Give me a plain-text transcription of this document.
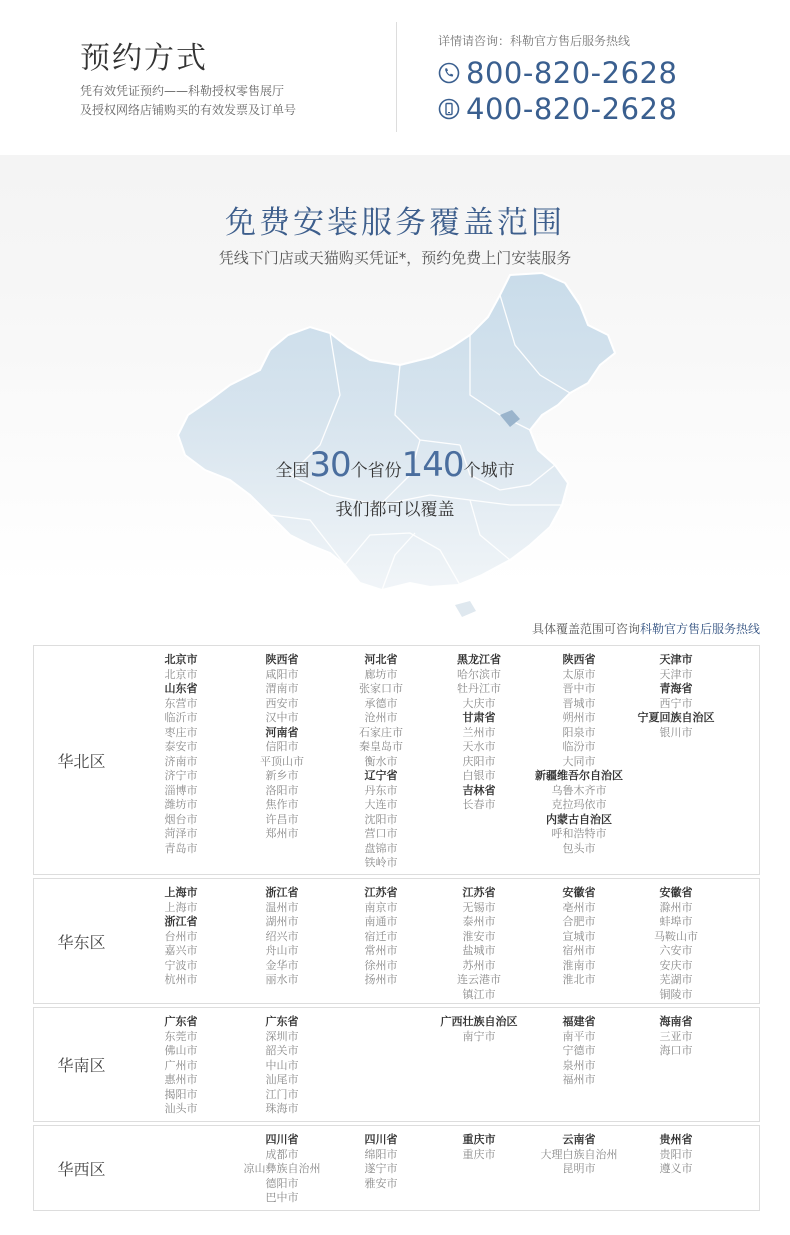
预约方式
凭有效凭证预约——科勒授权零售展厅
及授权网络店铺购买的有效发票及订单号
详情请咨询：科勒官方售后服务热线
800-820-2628
400-820-2628
免费安装服务覆盖范围
凭线下门店或天猫购买凭证*，预约免费上门安装服务
全国30个省份140个城市
我们都可以覆盖
具体覆盖范围可咨询科勒官方售后服务热线
华北区
北京市
北京市
山东省
东营市
临沂市
枣庄市
泰安市
济南市
济宁市
淄博市
潍坊市
烟台市
菏泽市
青岛市
陕西省
咸阳市
渭南市
西安市
汉中市
河南省
信阳市
平顶山市
新乡市
洛阳市
焦作市
许昌市
郑州市
河北省
廊坊市
张家口市
承德市
沧州市
石家庄市
秦皇岛市
衡水市
辽宁省
丹东市
大连市
沈阳市
营口市
盘锦市
铁岭市
黑龙江省
哈尔滨市
牡丹江市
大庆市
甘肃省
兰州市
天水市
庆阳市
白银市
吉林省
长春市
陕西省
太原市
晋中市
晋城市
朔州市
阳泉市
临汾市
大同市
新疆维吾尔自治区
乌鲁木齐市
克拉玛依市
内蒙古自治区
呼和浩特市
包头市
天津市
天津市
青海省
西宁市
宁夏回族自治区
银川市
华东区
上海市
上海市
浙江省
台州市
嘉兴市
宁波市
杭州市
浙江省
温州市
湖州市
绍兴市
舟山市
金华市
丽水市
江苏省
南京市
南通市
宿迁市
常州市
徐州市
扬州市
江苏省
无锡市
泰州市
淮安市
盐城市
苏州市
连云港市
镇江市
安徽省
亳州市
合肥市
宣城市
宿州市
淮南市
淮北市
安徽省
滁州市
蚌埠市
马鞍山市
六安市
安庆市
芜湖市
铜陵市
华南区
广东省
东莞市
佛山市
广州市
惠州市
揭阳市
汕头市
广东省
深圳市
韶关市
中山市
汕尾市
江门市
珠海市
广西壮族自治区
南宁市
福建省
南平市
宁德市
泉州市
福州市
海南省
三亚市
海口市
华西区
四川省
成都市
凉山彝族自治州
德阳市
巴中市
四川省
绵阳市
遂宁市
雅安市
重庆市
重庆市
云南省
大理白族自治州
昆明市
贵州省
贵阳市
遵义市
